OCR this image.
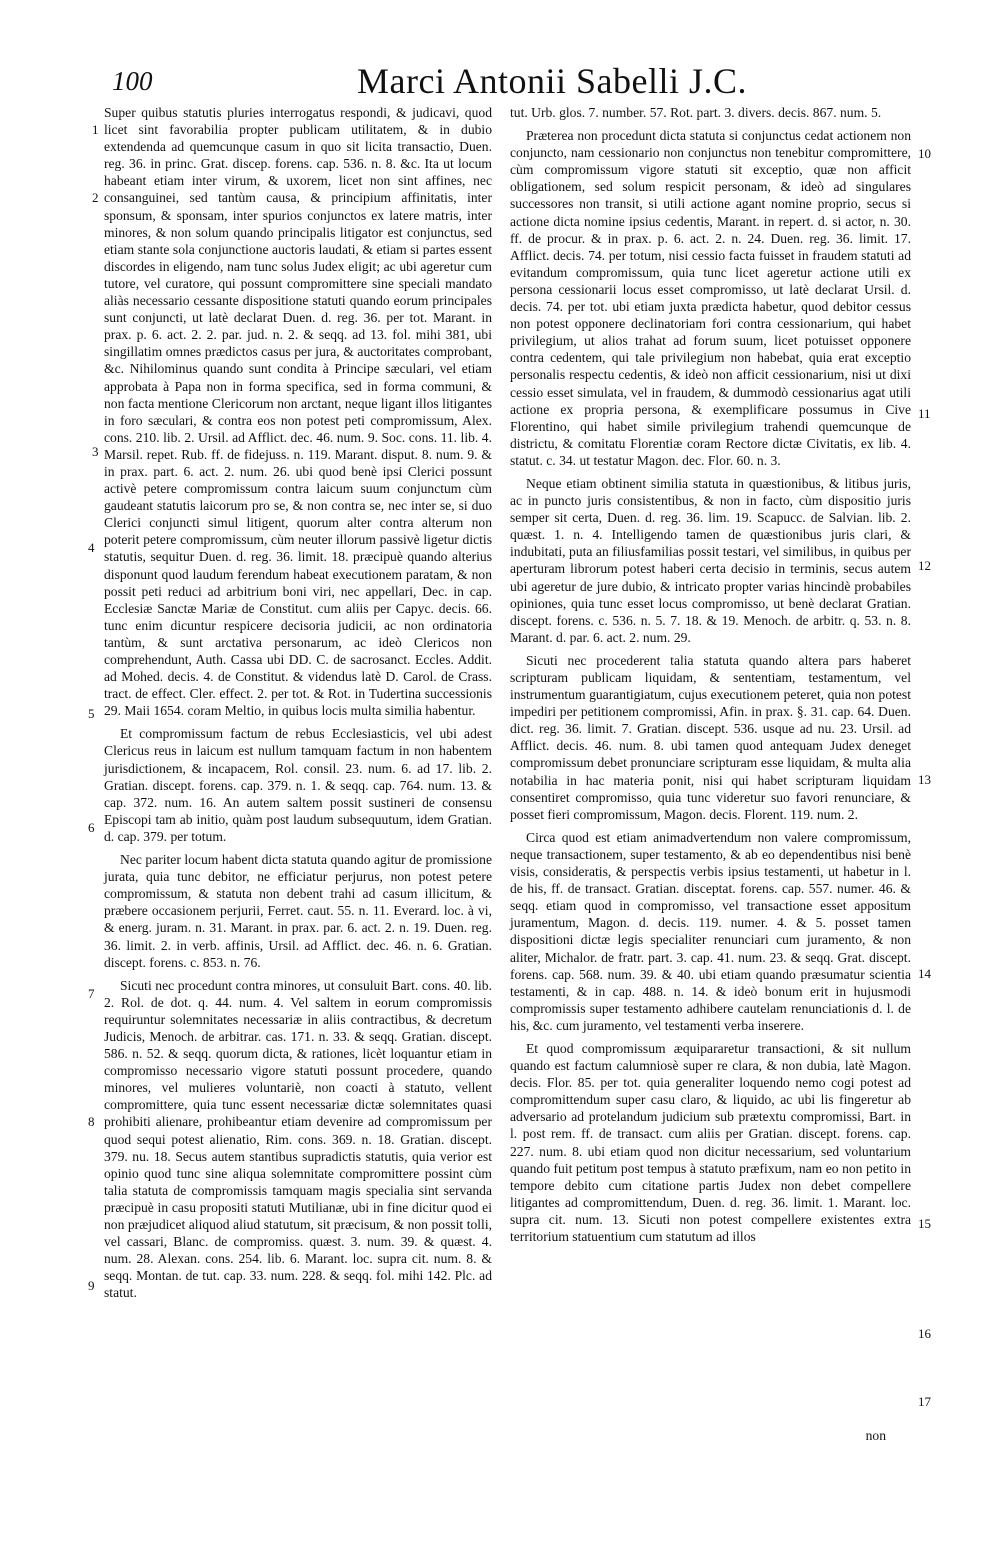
100	Marci Antonii Sabelli J.C.

Super quibus statutis pluries interrogatus respondi, & judicavi, quod licet sint favorabilia propter publicam utilitatem, & in dubio extendenda ad quemcunque casum in quo sit licita transactio, Duen. reg. 36. in princ. Grat. discep. forens. cap. 536. n. 8. &c. Ita ut locum habeant etiam inter virum, & uxorem, licet non sint affines, nec consanguinei, sed tantùm causa, & principium affinitatis, inter sponsum, & sponsam, inter spurios conjunctos ex latere matris, inter minores, & non solum quando principalis litigator est conjunctus, sed etiam stante sola conjunctione auctoris laudati, & etiam si partes essent discordes in eligendo, nam tunc solus Judex eligit; ac ubi ageretur cum tutore, vel curatore, qui possunt compromittere sine speciali mandato aliàs necessario cessante dispositione statuti quando eorum principales sunt conjuncti, ut latè declarat Duen. d. reg. 36. per tot. Marant. in prax. p. 6. act. 2. 2. par. jud. n. 2. & seqq. ad 13. fol. mihi 381, ubi singillatim omnes prædictos casus per jura, & auctoritates comprobant, &c. Nihilominus quando sunt condita à Principe sæculari, vel etiam approbata à Papa non in forma specifica, sed in forma communi, & non facta mentione Clericorum non arctant, neque ligant illos litigantes in foro sæculari, & contra eos non potest peti compromissum, Alex. cons. 210. lib. 2. Ursil. ad Afflict. dec. 46. num. 9. Soc. cons. 11. lib. 4. Marsil. repet. Rub. ff. de fidejuss. n. 119. Marant. disput. 8. num. 9. & in prax. part. 6. act. 2. num. 26. ubi quod benè ipsi Clerici possunt activè petere compromissum contra laicum suum conjunctum cùm gaudeant statutis laicorum pro se, & non contra se, nec inter se, si duo Clerici conjuncti simul litigent, quorum alter contra alterum non poterit petere compromissum, cùm neuter illorum passivè ligetur dictis statutis, sequitur Duen. d. reg. 36. limit. 18. præcipuè quando alterius disponunt quod laudum ferendum habeat executionem paratam, & non possit peti reduci ad arbitrium boni viri, nec appellari, Dec. in cap. Ecclesiæ Sanctæ Mariæ de Constitut. cum aliis per Capyc. decis. 66. tunc enim dicuntur respicere decisoria judicii, ac non ordinatoria tantùm, & sunt arctativa personarum, ac ideò Clericos non comprehendunt, Auth. Cassa ubi DD. C. de sacrosanct. Eccles. Addit. ad Mohed. decis. 4. de Constitut. & videndus latè D. Carol. de Crass. tract. de effect. Cler. effect. 2. per tot. & Rot. in Tudertina successionis 29. Maii 1654. coram Meltio, in quibus locis multa similia habentur.

Et compromissum factum de rebus Ecclesiasticis, vel ubi adest Clericus reus in laicum est nullum tamquam factum in non habentem jurisdictionem, & incapacem, Rol. consil. 23. num. 6. ad 17. lib. 2. Gratian. discept. forens. cap. 379. n. 1. & seqq. cap. 764. num. 13. & cap. 372. num. 16. An autem saltem possit sustineri de consensu Episcopi tam ab initio, quàm post laudum subsequutum, idem Gratian. d. cap. 379. per totum.

Nec pariter locum habent dicta statuta quando agitur de promissione jurata, quia tunc debitor, ne efficiatur perjurus, non potest petere compromissum, & statuta non debent trahi ad casum illicitum, & præbere occasionem perjurii, Ferret. caut. 55. n. 11. Everard. loc. à vi, & energ. juram. n. 31. Marant. in prax. par. 6. act. 2. n. 19. Duen. reg. 36. limit. 2. in verb. affinis, Ursil. ad Afflict. dec. 46. n. 6. Gratian. discept. forens. c. 853. n. 76.

Sicuti nec procedunt contra minores, ut consuluit Bart. cons. 40. lib. 2. Rol. de dot. q. 44. num. 4. Vel saltem in eorum compromissis requiruntur solemnitates necessariæ in aliis contractibus, & decretum Judicis, Menoch. de arbitrar. cas. 171. n. 33. & seqq. Gratian. discept. 586. n. 52. & seqq. quorum dicta, & rationes, licèt loquantur etiam in compromisso necessario vigore statuti possunt procedere, quando minores, vel mulieres voluntariè, non coacti à statuto, vellent compromittere, quia tunc essent necessariæ dictæ solemnitates quasi prohibiti alienare, prohibeantur etiam devenire ad compromissum per quod sequi potest alienatio, Rim. cons. 369. n. 18. Gratian. discept. 379. nu. 18. Secus autem stantibus supradictis statutis, quia verior est opinio quod tunc sine aliqua solemnitate compromittere possint cùm talia statuta de compromissis tamquam magis specialia sint servanda præcipuè in casu propositi statuti Mutilianæ, ubi in fine dicitur quod ei non præjudicet aliquod aliud statutum, sit præcisum, & non possit tolli, vel cassari, Blanc. de compromiss. quæst. 3. num. 39. & quæst. 4. num. 28. Alexan. cons. 254. lib. 6. Marant. loc. supra cit. num. 8. & seqq. Montan. de tut. cap. 33. num. 228. & seqq. fol. mihi 142. Plc. ad statut.

tut. Urb. glos. 7. number. 57. Rot. part. 3. divers. decis. 867. num. 5.

Præterea non procedunt dicta statuta si conjunctus cedat actionem non conjuncto, nam cessionario non conjunctus non tenebitur compromittere, cùm compromissum vigore statuti sit exceptio, quæ non afficit obligationem, sed solum respicit personam, & ideò ad singulares successores non transit, si utili actione agant nomine proprio, secus si actione dicta nomine ipsius cedentis, Marant. in repert. d. si actor, n. 30. ff. de procur. & in prax. p. 6. act. 2. n. 24. Duen. reg. 36. limit. 17. Afflict. decis. 74. per totum, nisi cessio facta fuisset in fraudem statuti ad evitandum compromissum, quia tunc licet ageretur actione utili ex persona cessionarii locus esset compromisso, ut latè declarat Ursil. d. decis. 74. per tot. ubi etiam juxta prædicta habetur, quod debitor cessus non potest opponere declinatoriam fori contra cessionarium, qui habet privilegium, ut alios trahat ad forum suum, licet potuisset opponere contra cedentem, qui tale privilegium non habebat, quia erat exceptio personalis respectu cedentis, & ideò non afficit cessionarium, nisi ut dixi cessio esset simulata, vel in fraudem, & dummodò cessionarius agat utili actione ex propria persona, & exemplificare possumus in Cive Florentino, qui habet simile privilegium trahendi quemcunque de districtu, & comitatu Florentiæ coram Rectore dictæ Civitatis, ex lib. 4. statut. c. 34. ut testatur Magon. dec. Flor. 60. n. 3.

Neque etiam obtinent similia statuta in quæstionibus, & litibus juris, ac in puncto juris consistentibus, & non in facto, cùm dispositio juris semper sit certa, Duen. d. reg. 36. lim. 19. Scapucc. de Salvian. lib. 2. quæst. 1. n. 4. Intelligendo tamen de quæstionibus juris clari, & indubitati, puta an filiusfamilias possit testari, vel similibus, in quibus per aperturam librorum potest haberi certa decisio in terminis, secus autem ubi ageretur de jure dubio, & intricato propter varias hincindè probabiles opiniones, quia tunc esset locus compromisso, ut benè declarat Gratian. discept. forens. c. 536. n. 5. 7. 18. & 19. Menoch. de arbitr. q. 53. n. 8. Marant. d. par. 6. act. 2. num. 29.

Sicuti nec procederent talia statuta quando altera pars haberet scripturam publicam liquidam, & sententiam, testamentum, vel instrumentum guarantigiatum, cujus executionem peteret, quia non potest impediri per petitionem compromissi, Afin. in prax. §. 31. cap. 64. Duen. dict. reg. 36. limit. 7. Gratian. discept. 536. usque ad nu. 23. Ursil. ad Afflict. decis. 46. num. 8. ubi tamen quod antequam Judex deneget compromissum debet pronunciare scripturam esse liquidam, & multa alia notabilia in hac materia ponit, nisi qui habet scripturam liquidam consentiret compromisso, quia tunc videretur suo favori renunciare, & posset fieri compromissum, Magon. decis. Florent. 119. num. 2.

Circa quod est etiam animadvertendum non valere compromissum, neque transactionem, super testamento, & ab eo dependentibus nisi benè visis, consideratis, & perspectis verbis ipsius testamenti, ut habetur in l. de his, ff. de transact. Gratian. disceptat. forens. cap. 557. numer. 46. & seqq. etiam quod in compromisso, vel transactione esset appositum juramentum, Magon. d. decis. 119. numer. 4. & 5. posset tamen dispositioni dictæ legis specialiter renunciari cum juramento, & non aliter, Michalor. de fratr. part. 3. cap. 41. num. 23. & seqq. Grat. discept. forens. cap. 568. num. 39. & 40. ubi etiam quando præsumatur scientia testamenti, & in cap. 488. n. 14. & ideò bonum erit in hujusmodi compromissis super testamento adhibere cautelam renunciationis d. l. de his, &c. cum juramento, vel testamenti verba inserere.

Et quod compromissum æquipararetur transactioni, & sit nullum quando est factum calumniosè super re clara, & non dubia, latè Magon. decis. Flor. 85. per tot. quia generaliter loquendo nemo cogi potest ad compromittendum super casu claro, & liquido, ac ubi lis fingeretur ab adversario ad protelandum judicium sub prætextu compromissi, Bart. in l. post rem. ff. de transact. cum aliis per Gratian. discept. forens. cap. 227. num. 8. ubi etiam quod non dicitur necessarium, sed voluntarium quando fuit petitum post tempus à statuto præfixum, nam eo non petito in tempore debito cum citatione partis Judex non debet compellere litigantes ad compromittendum, Duen. d. reg. 36. limit. 1. Marant. loc. supra cit. num. 13. Sicuti non potest compellere existentes extra territorium statuentium cum statutum ad illos

1
2
3
4
5
6
7
8
9
10
11
12
13
14
15
16
17
non
